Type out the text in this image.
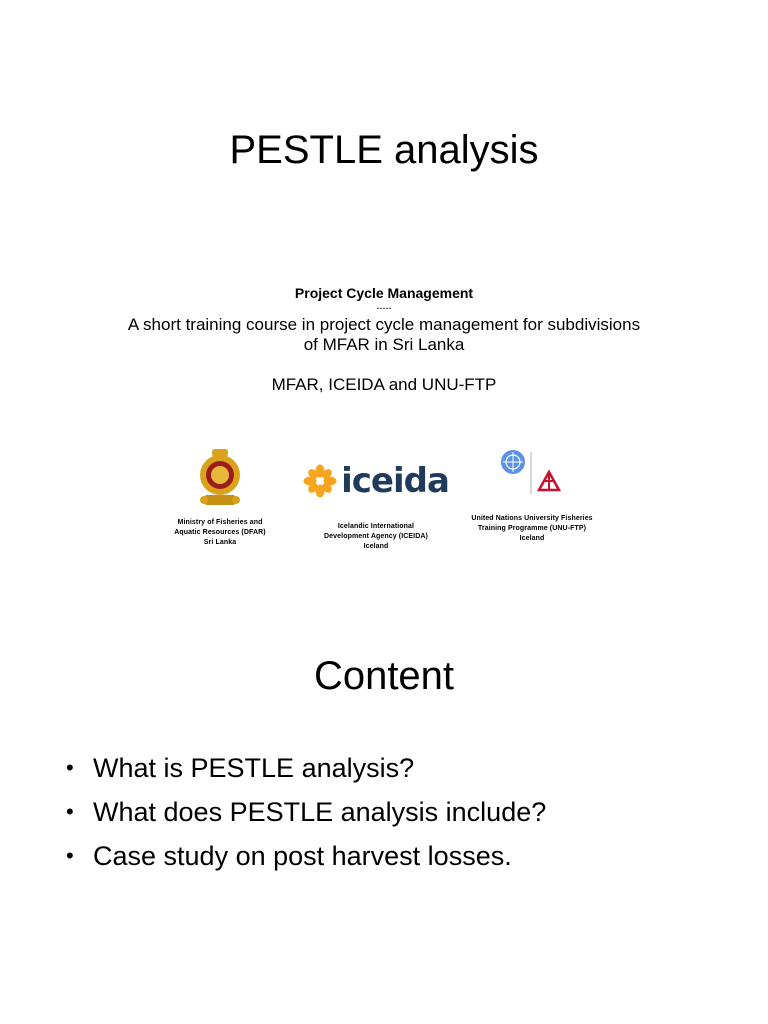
PESTLE analysis
Project Cycle Management
-----
A short training course in project cycle management for subdivisions of MFAR in Sri Lanka
MFAR, ICEIDA and UNU-FTP
Ministry of Fisheries and
Aquatic Resources (DFAR)
Sri Lanka
iceida
Icelandic International
Development Agency (ICEIDA)
Iceland
United Nations University Fisheries
Training Programme (UNU-FTP)
Iceland
Content
• What is PESTLE analysis?
• What does PESTLE analysis include?
• Case study on post harvest losses.
